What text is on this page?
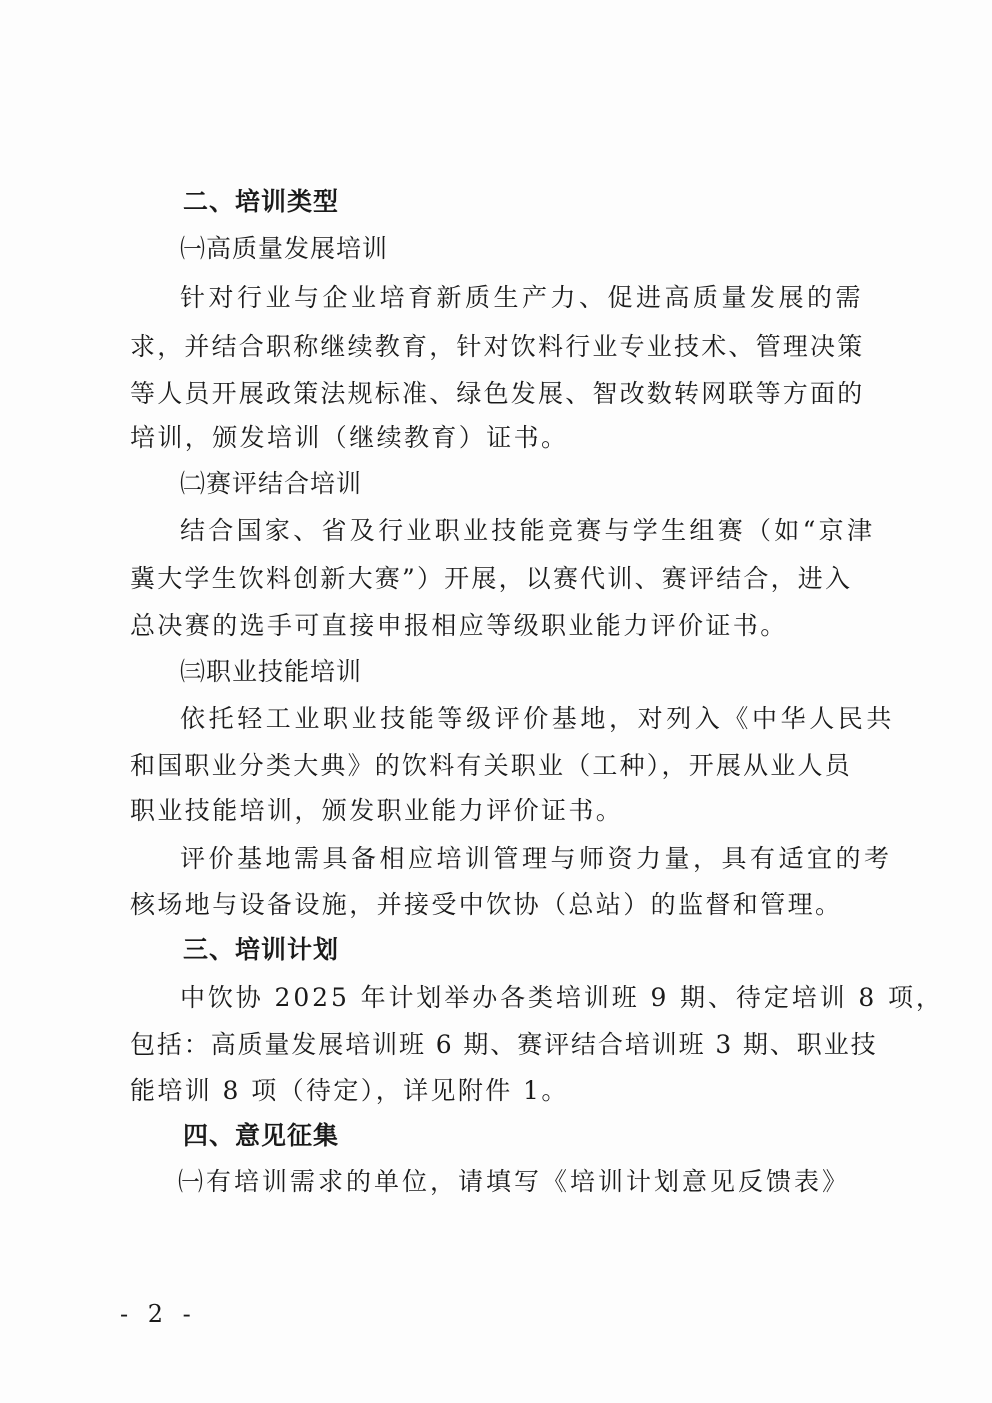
二、培训类型
㈠高质量发展培训
针对行业与企业培育新质生产力、促进高质量发展的需
求，并结合职称继续教育，针对饮料行业专业技术、管理决策
等人员开展政策法规标准、绿色发展、智改数转网联等方面的
培训，颁发培训（继续教育）证书。
㈡赛评结合培训
结合国家、省及行业职业技能竞赛与学生组赛（如“京津
冀大学生饮料创新大赛”）开展，以赛代训、赛评结合，进入
总决赛的选手可直接申报相应等级职业能力评价证书。
㈢职业技能培训
依托轻工业职业技能等级评价基地，对列入《中华人民共
和国职业分类大典》的饮料有关职业（工种），开展从业人员
职业技能培训，颁发职业能力评价证书。
评价基地需具备相应培训管理与师资力量，具有适宜的考
核场地与设备设施，并接受中饮协（总站）的监督和管理。
三、培训计划
中饮协 2025 年计划举办各类培训班 9 期、待定培训 8 项，
包括：高质量发展培训班 6 期、赛评结合培训班 3 期、职业技
能培训 8 项（待定），详见附件 1。
四、意见征集
㈠有培训需求的单位，请填写《培训计划意见反馈表》
- 2 -
